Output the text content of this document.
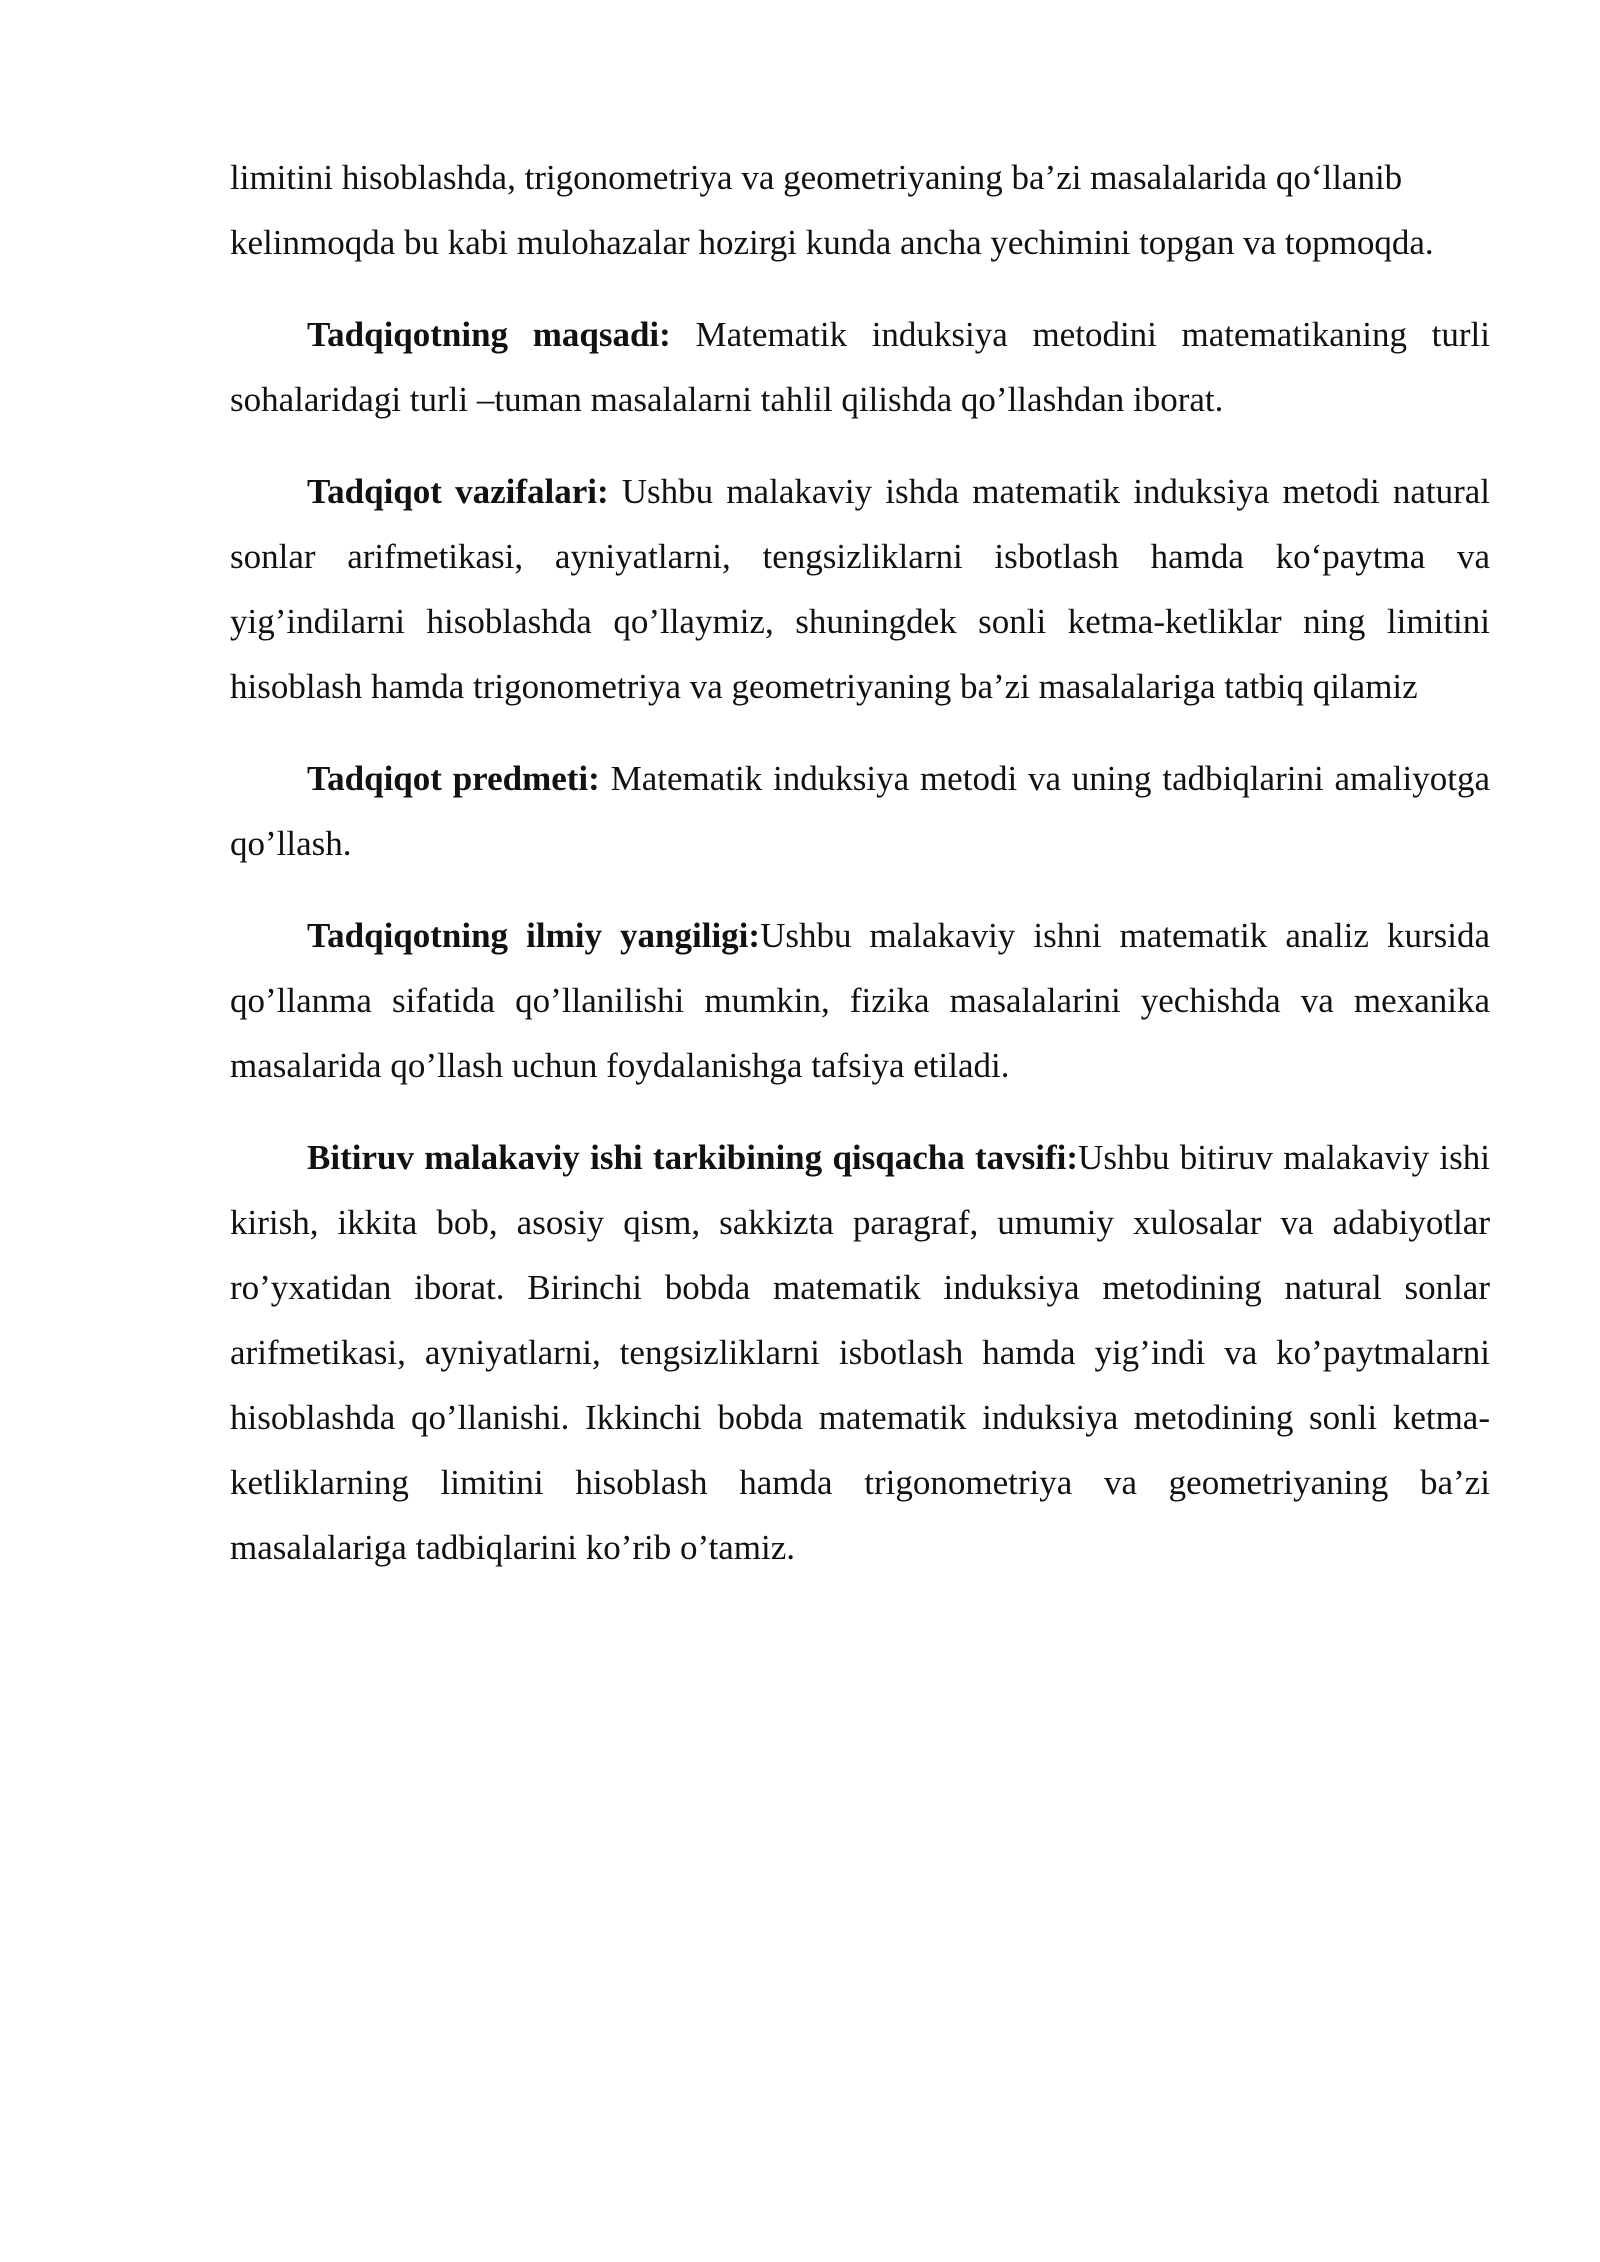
limitini hisoblashda, trigonometriya va geometriyaning ba’zi masalalarida qo‘llanib kelinmoqda bu kabi mulohazalar hozirgi kunda ancha yechimini topgan va topmoqda.

Tadqiqotning maqsadi: Matematik induksiya metodini matematikaning turli sohalaridagi turli –tuman masalalarni tahlil qilishda qo’llashdan iborat.

Tadqiqot vazifalari: Ushbu malakaviy ishda matematik induksiya metodi natural sonlar arifmetikasi, ayniyatlarni, tengsizliklarni isbotlash hamda ko‘paytma va yig’indilarni hisoblashda qo’llaymiz, shuningdek sonli ketma-ketliklar ning limitini hisoblash hamda trigonometriya va geometriyaning ba’zi masalalariga tatbiq qilamiz

Tadqiqot predmeti: Matematik induksiya metodi va uning tadbiqlarini amaliyotga qo’llash.

Tadqiqotning ilmiy yangiligi:Ushbu malakaviy ishni matematik analiz kursida qo’llanma sifatida qo’llanilishi mumkin, fizika masalalarini yechishda va mexanika masalarida qo’llash uchun foydalanishga tafsiya etiladi.

Bitiruv malakaviy ishi tarkibining qisqacha tavsifi:Ushbu bitiruv malakaviy ishi kirish, ikkita bob, asosiy qism, sakkizta paragraf, umumiy xulosalar va adabiyotlar ro’yxatidan iborat. Birinchi bobda matematik induksiya metodining natural sonlar arifmetikasi, ayniyatlarni, tengsizliklarni isbotlash hamda yig’indi va ko’paytmalarni hisoblashda qo’llanishi. Ikkinchi bobda matematik induksiya metodining sonli ketma-ketliklarning limitini hisoblash hamda trigonometriya va geometriyaning ba’zi masalalariga tadbiqlarini ko’rib o’tamiz.
